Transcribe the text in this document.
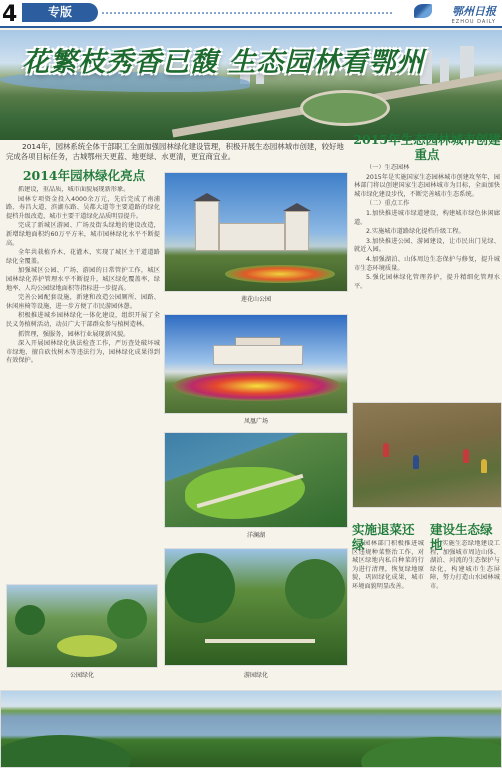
4	专版	鄂州日报
EZHOU DAILY
花繁枝秀香已馥 生态园林看鄂州
2014年，园林系统全体干部职工全面加强园林绿化建设管理，积极开展生态园林城市创建，较好地完成各项目标任务，古城鄂州天更蓝、地更绿、水更清，更宜商宜业。
2014年园林绿化亮点

抓建设，重品质，城市面貌展现新形象。

园林专项资金投入4000余万元，先后完成了南浦路、寿昌大道、滨湖东路、吴都大道等主要道路的绿化提档升级改造，城市主要干道绿化品质明显提升。

完成了新城区游园、广场及街头绿地的建设改造，新增绿地面积约60万平方米，城市园林绿化水平不断提高。

全年共栽植乔木、花灌木，实现了城区主干道道路绿化全覆盖。

加强城区公园、广场、游园的日常管护工作，城区园林绿化养护管理水平不断提升，城区绿化覆盖率、绿地率、人均公园绿地面积等指标进一步提高。

完善公园配套设施，新建和改造公园厕所、园路、休闲座椅等设施，进一步方便了市民游园休憩。

积极推进城乡园林绿化一体化建设，组织开展了全民义务植树活动，动员广大干部群众参与植树造林。

抓管理，强服务，园林行业展现新风貌。

深入开展园林绿化执法检查工作，严厉查处破坏城市绿地、擅自砍伐树木等违法行为，园林绿化成果得到有效保护。

莲花山公园
凤凰广场
洋澜湖
2015年生态园林城市创建重点

（一）生态园林

2015年是实施国家生态园林城市创建攻坚年，园林部门将以创建国家生态园林城市为目标，全面加快城市绿化建设步伐，不断完善城市生态系统。

（二）重点工作

1.加快推进城市绿道建设，构建城市绿色休闲廊道。

2.实施城市道路绿化提档升级工程。

3.加快推进公园、游园建设，让市民出门见绿、就近入园。

4.加强湖泊、山体周边生态保护与修复，提升城市生态环境质量。

5.强化园林绿化管理养护，提升精细化管理水平。

实施退菜还绿 园林部门积极推进城区违规种菜整治工作，对城区绿地内私自种菜的行为进行清理，恢复绿地原貌，巩固绿化成果，城市环境面貌明显改善。

建设生态绿地 实施生态绿地建设工程，加强城市周边山体、湖泊、河流的生态保护与绿化，构建城市生态屏障，努力打造山水园林城市。

公园绿化	游园绿化
